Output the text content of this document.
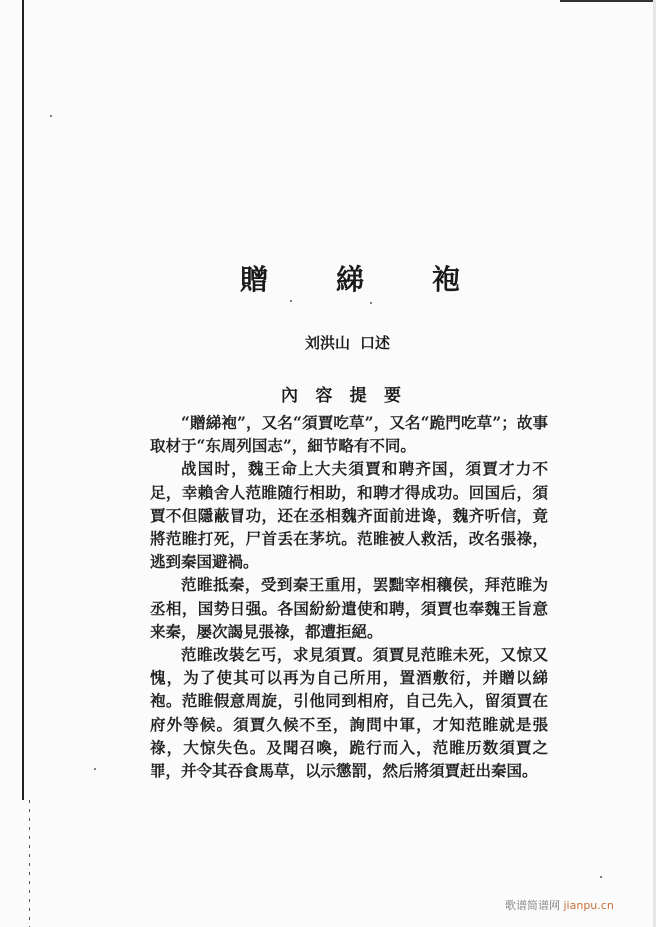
贈 綈 袍
刘洪山 口述
內 容 提 要

“贈綈袍”，又名“須賈吃草”，又名“跪門吃草”；故事取材于“东周列国志”，細节略有不同。

战国时，魏王命上大夫須賈和聘齐国，須賈才力不足，幸賴舍人范睢随行相助，和聘才得成功。回国后，須賈不但隱蔽冒功，还在丞相魏齐面前进谗，魏齐听信，竟將范睢打死，尸首丢在茅坑。范睢被人救活，改名張祿，逃到秦国避禍。

范睢抵秦，受到秦王重用，罢黜宰相穰侯，拜范睢为丞相，国势日强。各国紛紛遣使和聘，須賈也奉魏王旨意来秦，屡次謁見張祿，都遭拒絕。

范睢改裝乞丐，求見須賈。須賈見范睢未死，又惊又愧，为了使其可以再为自己所用，置酒敷衍，并贈以綈袍。范睢假意周旋，引他同到相府，自己先入，留須賈在府外等候。須賈久候不至，詢問中軍，才知范睢就是張祿，大惊失色。及聞召喚，跪行而入，范睢历数須賈之罪，并令其吞食馬草，以示懲罰，然后將須賈赶出秦国。

歌谱简谱网 jianpu.cn
